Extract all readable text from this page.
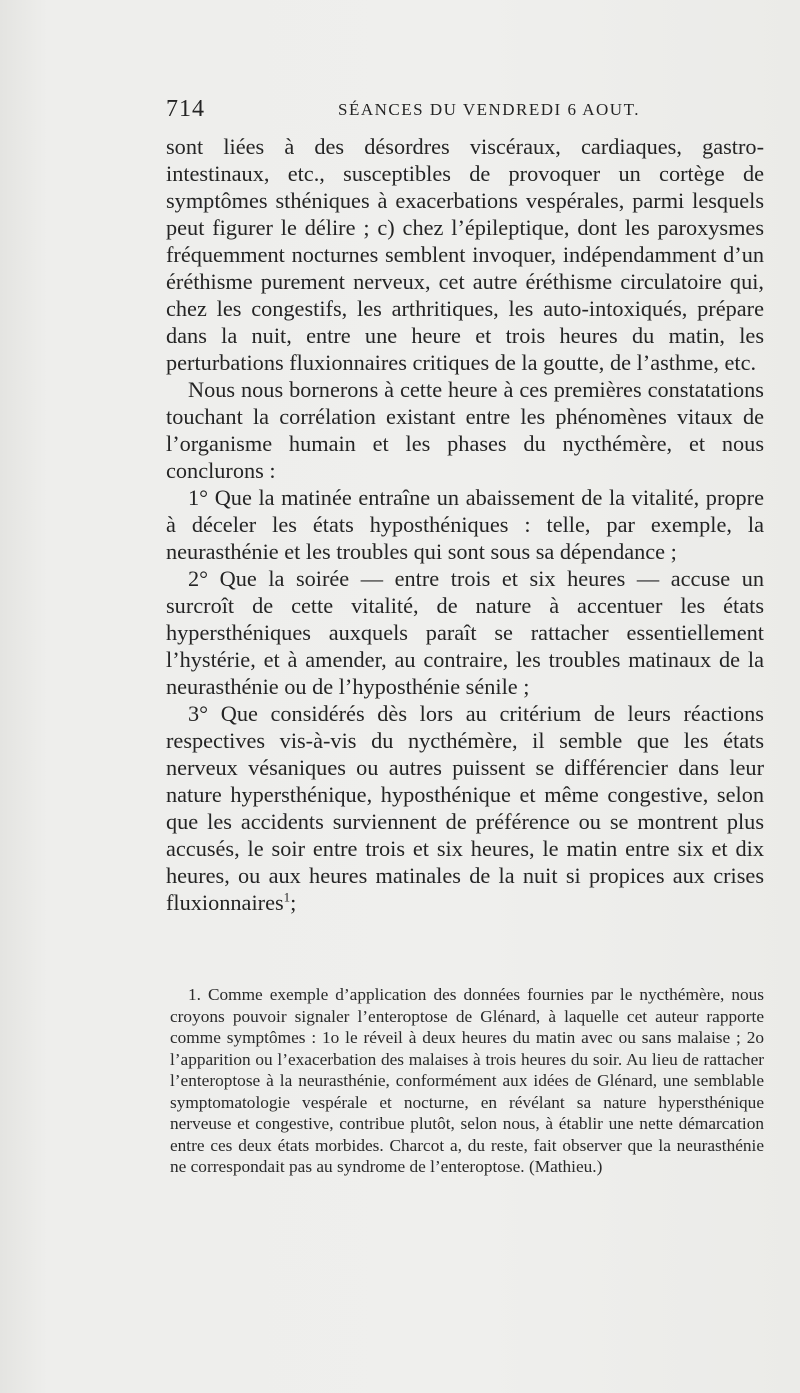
714	SÉANCES DU VENDREDI 6 AOUT.

sont liées à des désordres viscéraux, cardiaques, gastro-intestinaux, etc., susceptibles de provoquer un cortège de symptômes sthéniques à exacerbations vespérales, parmi lesquels peut figurer le délire ; c) chez l’épileptique, dont les paroxysmes fréquemment nocturnes semblent invoquer, indépendamment d’un éréthisme purement nerveux, cet autre éréthisme circulatoire qui, chez les congestifs, les arthritiques, les auto-intoxiqués, prépare dans la nuit, entre une heure et trois heures du matin, les perturbations fluxionnaires critiques de la goutte, de l’asthme, etc.

Nous nous bornerons à cette heure à ces premières constatations touchant la corrélation existant entre les phénomènes vitaux de l’organisme humain et les phases du nycthémère, et nous conclurons :

1° Que la matinée entraîne un abaissement de la vitalité, propre à déceler les états hyposthéniques : telle, par exemple, la neurasthénie et les troubles qui sont sous sa dépendance ;

2° Que la soirée — entre trois et six heures — accuse un surcroît de cette vitalité, de nature à accentuer les états hypersthéniques auxquels paraît se rattacher essentiellement l’hystérie, et à amender, au contraire, les troubles matinaux de la neurasthénie ou de l’hyposthénie sénile ;

3° Que considérés dès lors au critérium de leurs réactions respectives vis-à-vis du nycthémère, il semble que les états nerveux vésaniques ou autres puissent se différencier dans leur nature hypersthénique, hyposthénique et même congestive, selon que les accidents surviennent de préférence ou se montrent plus accusés, le soir entre trois et six heures, le matin entre six et dix heures, ou aux heures matinales de la nuit si propices aux crises fluxionnaires$^1$;

1. Comme exemple d’application des données fournies par le nycthémère, nous croyons pouvoir signaler l’enteroptose de Glénard, à laquelle cet auteur rapporte comme symptômes : 1o le réveil à deux heures du matin avec ou sans malaise ; 2o l’apparition ou l’exacerbation des malaises à trois heures du soir. Au lieu de rattacher l’enteroptose à la neurasthénie, conformément aux idées de Glénard, une semblable symptomatologie vespérale et nocturne, en révélant sa nature hypersthénique nerveuse et congestive, contribue plutôt, selon nous, à établir une nette démarcation entre ces deux états morbides. Charcot a, du reste, fait observer que la neurasthénie ne correspondait pas au syndrome de l’enteroptose. (Mathieu.)
